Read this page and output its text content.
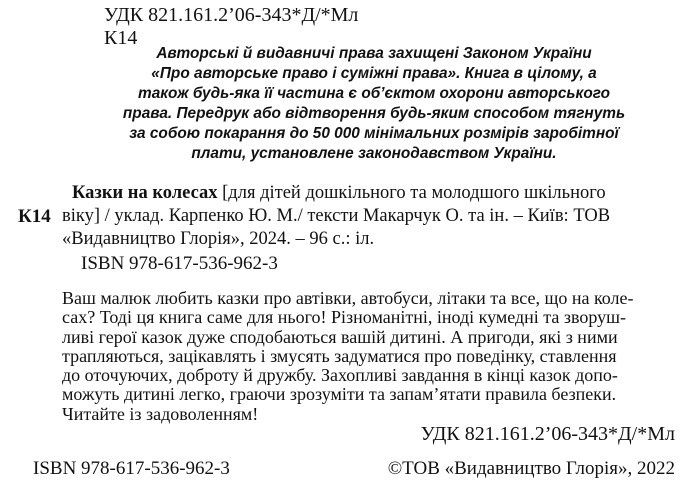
УДК 821.161.2’06-343*Д/*Мл
К14

Авторські й видавничі права захищені Законом України

«Про авторське право і суміжні права». Книга в цілому, а

також будь-яка її частина є об’єктом охорони авторського

права. Передрук або відтворення будь-яким способом тягнуть

за собою покарання до 50 000 мінімальних розмірів заробітної

плати, установлене законодавством України.

К14

Казки на колесах [для дітей дошкільного та молодшого шкільного

віку] / уклад. Карпенко Ю. М./ тексти Макарчук О. та ін. – Київ: ТОВ

«Видавництво Глорія», 2024. – 96 с.: іл.

ISBN 978-617-536-962-3

Ваш малюк любить казки про автівки, автобуси, літаки та все, що на коле-

сах? Тоді ця книга саме для нього! Різноманітні, іноді кумедні та зворуш-

ливі герої казок дуже сподобаються вашій дитині. А пригоди, які з ними

трапляються, зацікавлять і змусять задуматися про поведінку, ставлення

до оточуючих, доброту й дружбу. Захопливі завдання в кінці казок допо-

можуть дитині легко, граючи зрозуміти та запам’ятати правила безпеки.

Читайте із задоволенням!

УДК 821.161.2’06-343*Д/*Мл
ISBN 978-617-536-962-3	©ТОВ «Видавництво Глорія», 2022
